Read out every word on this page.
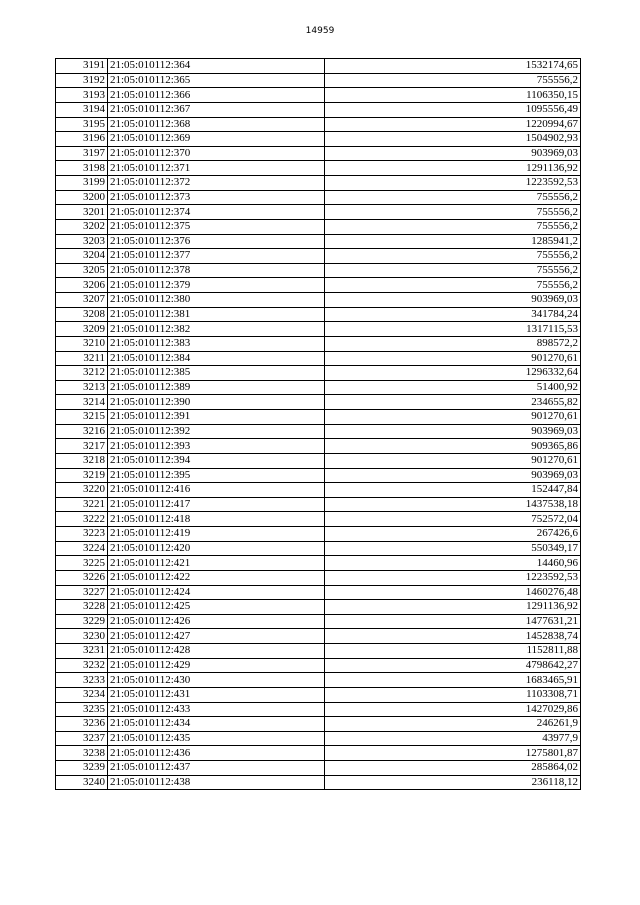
14959
3191	21:05:010112:364	1532174,65
3192	21:05:010112:365	755556,2
3193	21:05:010112:366	1106350,15
3194	21:05:010112:367	1095556,49
3195	21:05:010112:368	1220994,67
3196	21:05:010112:369	1504902,93
3197	21:05:010112:370	903969,03
3198	21:05:010112:371	1291136,92
3199	21:05:010112:372	1223592,53
3200	21:05:010112:373	755556,2
3201	21:05:010112:374	755556,2
3202	21:05:010112:375	755556,2
3203	21:05:010112:376	1285941,2
3204	21:05:010112:377	755556,2
3205	21:05:010112:378	755556,2
3206	21:05:010112:379	755556,2
3207	21:05:010112:380	903969,03
3208	21:05:010112:381	341784,24
3209	21:05:010112:382	1317115,53
3210	21:05:010112:383	898572,2
3211	21:05:010112:384	901270,61
3212	21:05:010112:385	1296332,64
3213	21:05:010112:389	51400,92
3214	21:05:010112:390	234655,82
3215	21:05:010112:391	901270,61
3216	21:05:010112:392	903969,03
3217	21:05:010112:393	909365,86
3218	21:05:010112:394	901270,61
3219	21:05:010112:395	903969,03
3220	21:05:010112:416	152447,84
3221	21:05:010112:417	1437538,18
3222	21:05:010112:418	752572,04
3223	21:05:010112:419	267426,6
3224	21:05:010112:420	550349,17
3225	21:05:010112:421	14460,96
3226	21:05:010112:422	1223592,53
3227	21:05:010112:424	1460276,48
3228	21:05:010112:425	1291136,92
3229	21:05:010112:426	1477631,21
3230	21:05:010112:427	1452838,74
3231	21:05:010112:428	1152811,88
3232	21:05:010112:429	4798642,27
3233	21:05:010112:430	1683465,91
3234	21:05:010112:431	1103308,71
3235	21:05:010112:433	1427029,86
3236	21:05:010112:434	246261,9
3237	21:05:010112:435	43977,9
3238	21:05:010112:436	1275801,87
3239	21:05:010112:437	285864,02
3240	21:05:010112:438	236118,12
